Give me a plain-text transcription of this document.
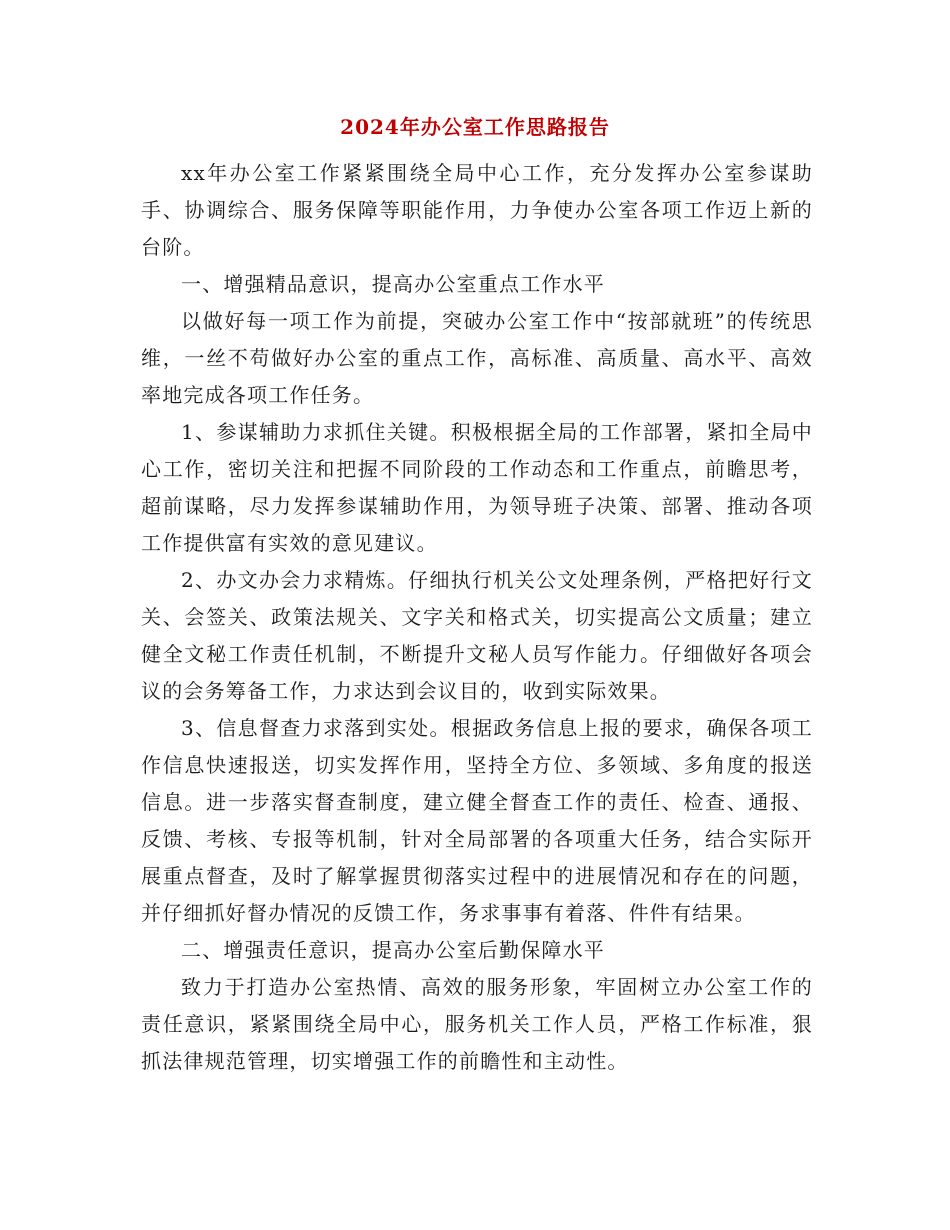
2024年办公室工作思路报告

xx年办公室工作紧紧围绕全局中心工作，充分发挥办公室参谋助手、协调综合、服务保障等职能作用，力争使办公室各项工作迈上新的台阶。

一、增强精品意识，提高办公室重点工作水平

以做好每一项工作为前提，突破办公室工作中“按部就班”的传统思维，一丝不苟做好办公室的重点工作，高标准、高质量、高水平、高效率地完成各项工作任务。

1、参谋辅助力求抓住关键。积极根据全局的工作部署，紧扣全局中心工作，密切关注和把握不同阶段的工作动态和工作重点，前瞻思考，超前谋略，尽力发挥参谋辅助作用，为领导班子决策、部署、推动各项工作提供富有实效的意见建议。

2、办文办会力求精炼。仔细执行机关公文处理条例，严格把好行文关、会签关、政策法规关、文字关和格式关，切实提高公文质量；建立健全文秘工作责任机制，不断提升文秘人员写作能力。仔细做好各项会议的会务筹备工作，力求达到会议目的，收到实际效果。

3、信息督查力求落到实处。根据政务信息上报的要求，确保各项工作信息快速报送，切实发挥作用，坚持全方位、多领域、多角度的报送信息。进一步落实督查制度，建立健全督查工作的责任、检查、通报、反馈、考核、专报等机制，针对全局部署的各项重大任务，结合实际开展重点督查，及时了解掌握贯彻落实过程中的进展情况和存在的问题，并仔细抓好督办情况的反馈工作，务求事事有着落、件件有结果。

二、增强责任意识，提高办公室后勤保障水平

致力于打造办公室热情、高效的服务形象，牢固树立办公室工作的责任意识，紧紧围绕全局中心，服务机关工作人员，严格工作标准，狠抓法律规范管理，切实增强工作的前瞻性和主动性。
